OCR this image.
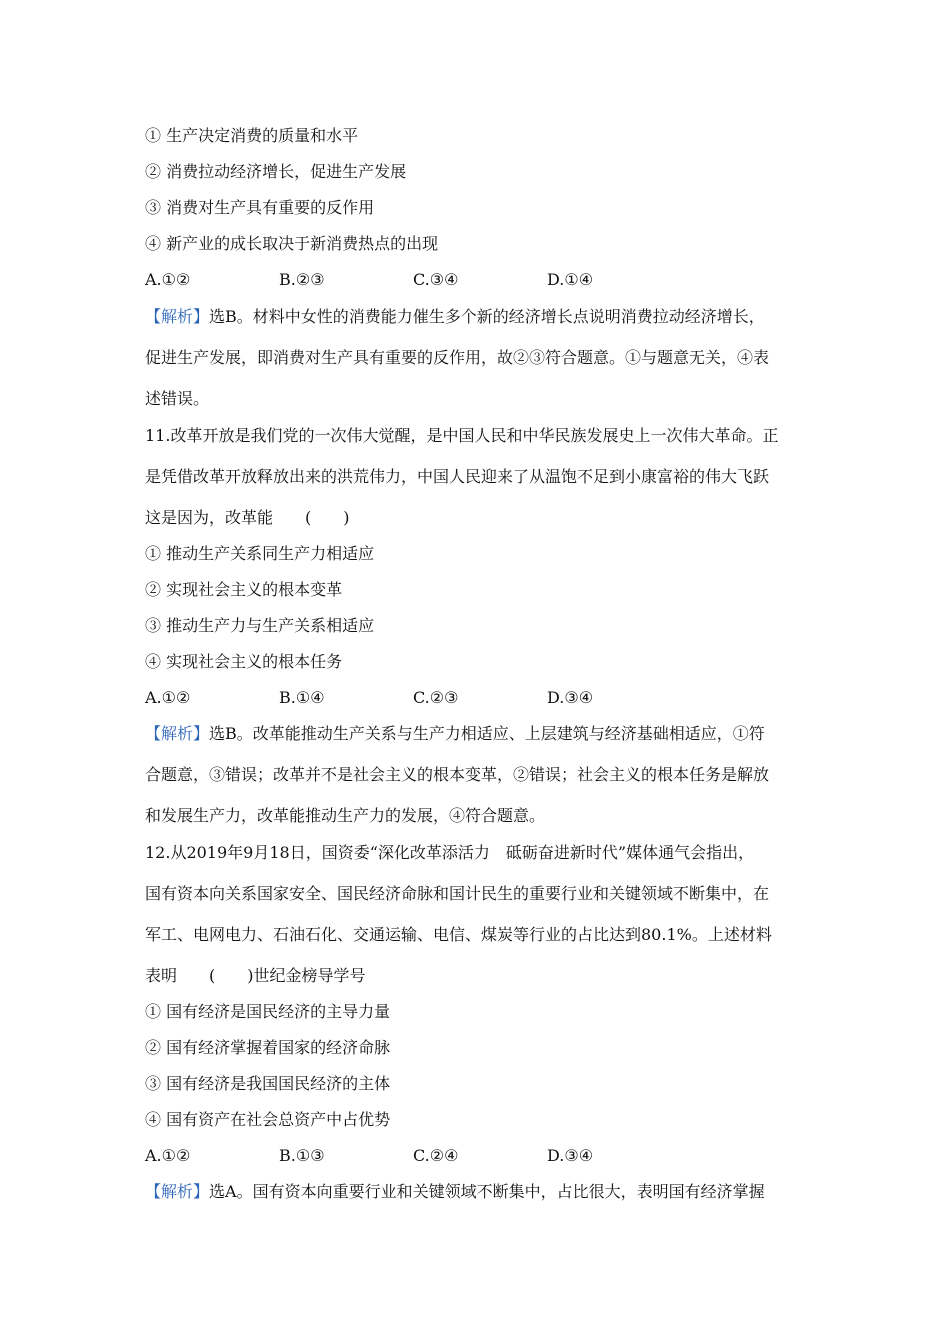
① 生产决定消费的质量和水平
② 消费拉动经济增长，促进生产发展
③ 消费对生产具有重要的反作用
④ 新产业的成长取决于新消费热点的出现
A.①②	B.②③	C.③④	D.①④
【解析】选B。材料中女性的消费能力催生多个新的经济增长点说明消费拉动经济增长，
促进生产发展，即消费对生产具有重要的反作用，故②③符合题意。①与题意无关，④表
述错误。
11.改革开放是我们党的一次伟大觉醒，是中国人民和中华民族发展史上一次伟大革命。正
是凭借改革开放释放出来的洪荒伟力，中国人民迎来了从温饱不足到小康富裕的伟大飞跃
这是因为，改革能　　(　　)
① 推动生产关系同生产力相适应
② 实现社会主义的根本变革
③ 推动生产力与生产关系相适应
④ 实现社会主义的根本任务
A.①②	B.①④	C.②③	D.③④
【解析】选B。改革能推动生产关系与生产力相适应、上层建筑与经济基础相适应，①符
合题意，③错误；改革并不是社会主义的根本变革，②错误；社会主义的根本任务是解放
和发展生产力，改革能推动生产力的发展，④符合题意。
12.从2019年9月18日，国资委“深化改革添活力　砥砺奋进新时代”媒体通气会指出，
国有资本向关系国家安全、国民经济命脉和国计民生的重要行业和关键领域不断集中，在
军工、电网电力、石油石化、交通运输、电信、煤炭等行业的占比达到80.1%。上述材料
表明　　(　　)世纪金榜导学号
① 国有经济是国民经济的主导力量
② 国有经济掌握着国家的经济命脉
③ 国有经济是我国国民经济的主体
④ 国有资产在社会总资产中占优势
A.①②	B.①③	C.②④	D.③④
【解析】选A。国有资本向重要行业和关键领域不断集中，占比很大，表明国有经济掌握
